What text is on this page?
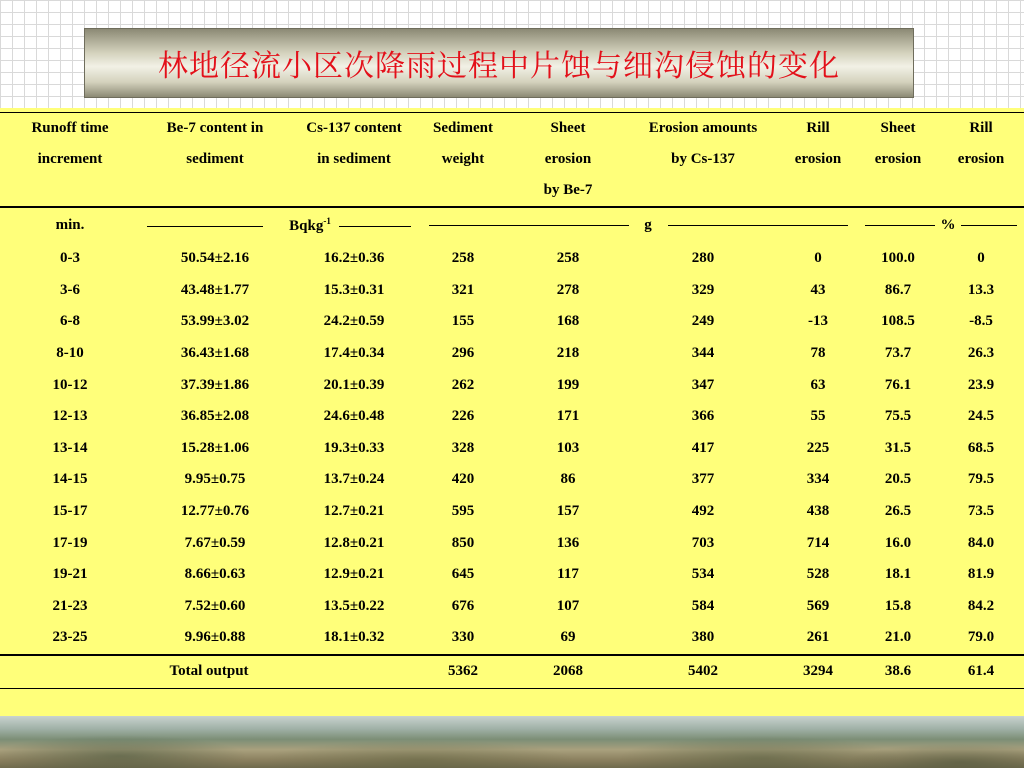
林地径流小区次降雨过程中片蚀与细沟侵蚀的变化
Runoff time	Be-7 content in	Cs-137 content	Sediment	Sheet	Erosion amounts	Rill	Sheet	Rill
increment	sediment	in sediment	weight	erosion	by Cs-137	erosion	erosion	erosion
				by Be-7				
min.	Bqkg$^{-1}$		g				%	
0-3	50.54±2.16	16.2±0.36	258	258	280	0	100.0	0
3-6	43.48±1.77	15.3±0.31	321	278	329	43	86.7	13.3
6-8	53.99±3.02	24.2±0.59	155	168	249	-13	108.5	-8.5
8-10	36.43±1.68	17.4±0.34	296	218	344	78	73.7	26.3
10-12	37.39±1.86	20.1±0.39	262	199	347	63	76.1	23.9
12-13	36.85±2.08	24.6±0.48	226	171	366	55	75.5	24.5
13-14	15.28±1.06	19.3±0.33	328	103	417	225	31.5	68.5
14-15	9.95±0.75	13.7±0.24	420	86	377	334	20.5	79.5
15-17	12.77±0.76	12.7±0.21	595	157	492	438	26.5	73.5
17-19	7.67±0.59	12.8±0.21	850	136	703	714	16.0	84.0
19-21	8.66±0.63	12.9±0.21	645	117	534	528	18.1	81.9
21-23	7.52±0.60	13.5±0.22	676	107	584	569	15.8	84.2
23-25	9.96±0.88	18.1±0.32	330	69	380	261	21.0	79.0
Total output			5362	2068	5402	3294	38.6	61.4
